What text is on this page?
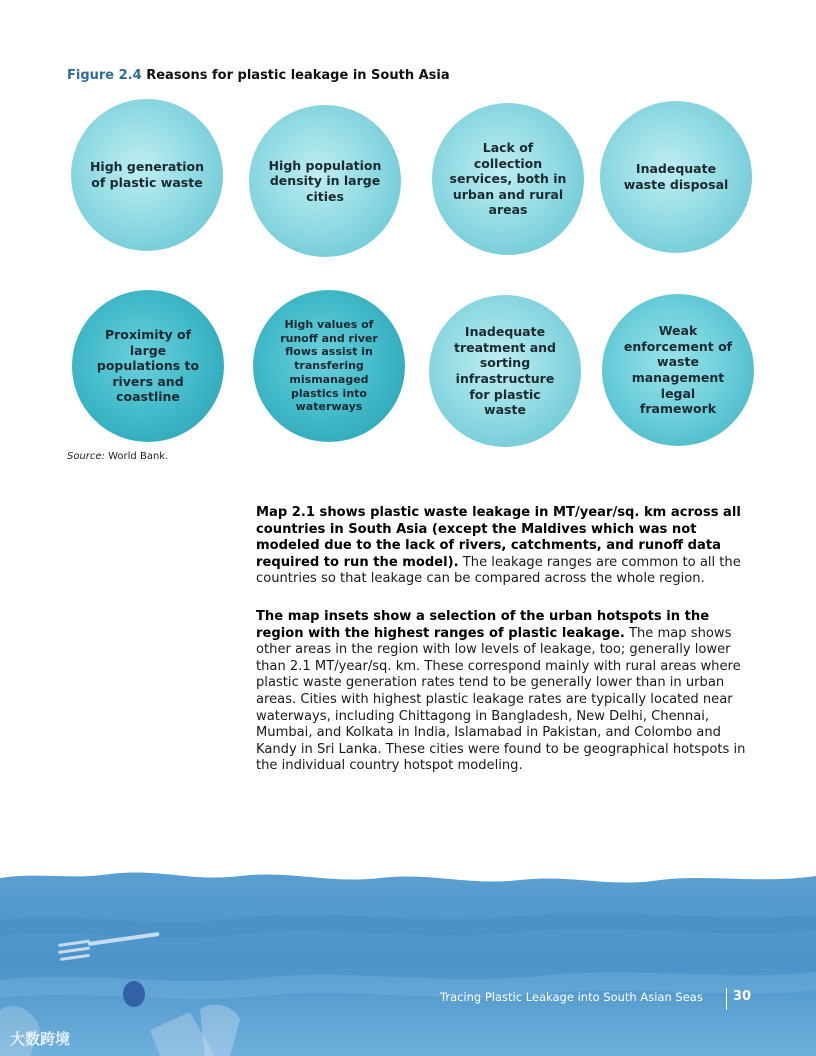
Figure 2.4 Reasons for plastic leakage in South Asia
High generation of plastic waste
High population density in large cities
Lack of collection services, both in urban and rural areas
Inadequate waste disposal
Proximity of large populations to rivers and coastline
High values of runoff and river flows assist in transfering mismanaged plastics into waterways
Inadequate treatment and sorting infrastructure for plastic waste
Weak enforcement of waste management legal framework
Source: World Bank.
Map 2.1 shows plastic waste leakage in MT/year/sq. km across all countries in South Asia (except the Maldives which was not modeled due to the lack of rivers, catchments, and runoff data required to run the model). The leakage ranges are common to all the countries so that leakage can be compared across the whole region.
The map insets show a selection of the urban hotspots in the region with the highest ranges of plastic leakage. The map shows other areas in the region with low levels of leakage, too; generally lower than 2.1 MT/year/sq. km. These correspond mainly with rural areas where plastic waste generation rates tend to be generally lower than in urban areas. Cities with highest plastic leakage rates are typically located near waterways, including Chittagong in Bangladesh, New Delhi, Chennai, Mumbai, and Kolkata in India, Islamabad in Pakistan, and Colombo and Kandy in Sri Lanka. These cities were found to be geographical hotspots in the individual country hotspot modeling.
Tracing Plastic Leakage into South Asian Seas 30
大数跨境
